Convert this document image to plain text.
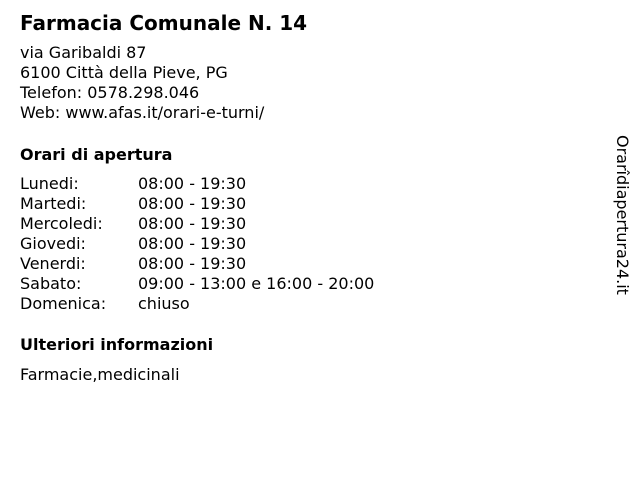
Farmacia Comunale N. 14
via Garibaldi 87
6100 Città della Pieve, PG
Telefon: 0578.298.046
Web: www.afas.it/orari-e-turni/
Orari di apertura
Lunedi:	08:00 - 19:30
Martedi:	08:00 - 19:30
Mercoledi: 08:00 - 19:30
Giovedi:	08:00 - 19:30
Venerdi:	08:00 - 19:30
Sabato:	09:00 - 13:00 e 16:00 - 20:00
Domenica: chiuso
Ulteriori informazioni
Farmacie,medicinali
Orarîdiapertura24.it
